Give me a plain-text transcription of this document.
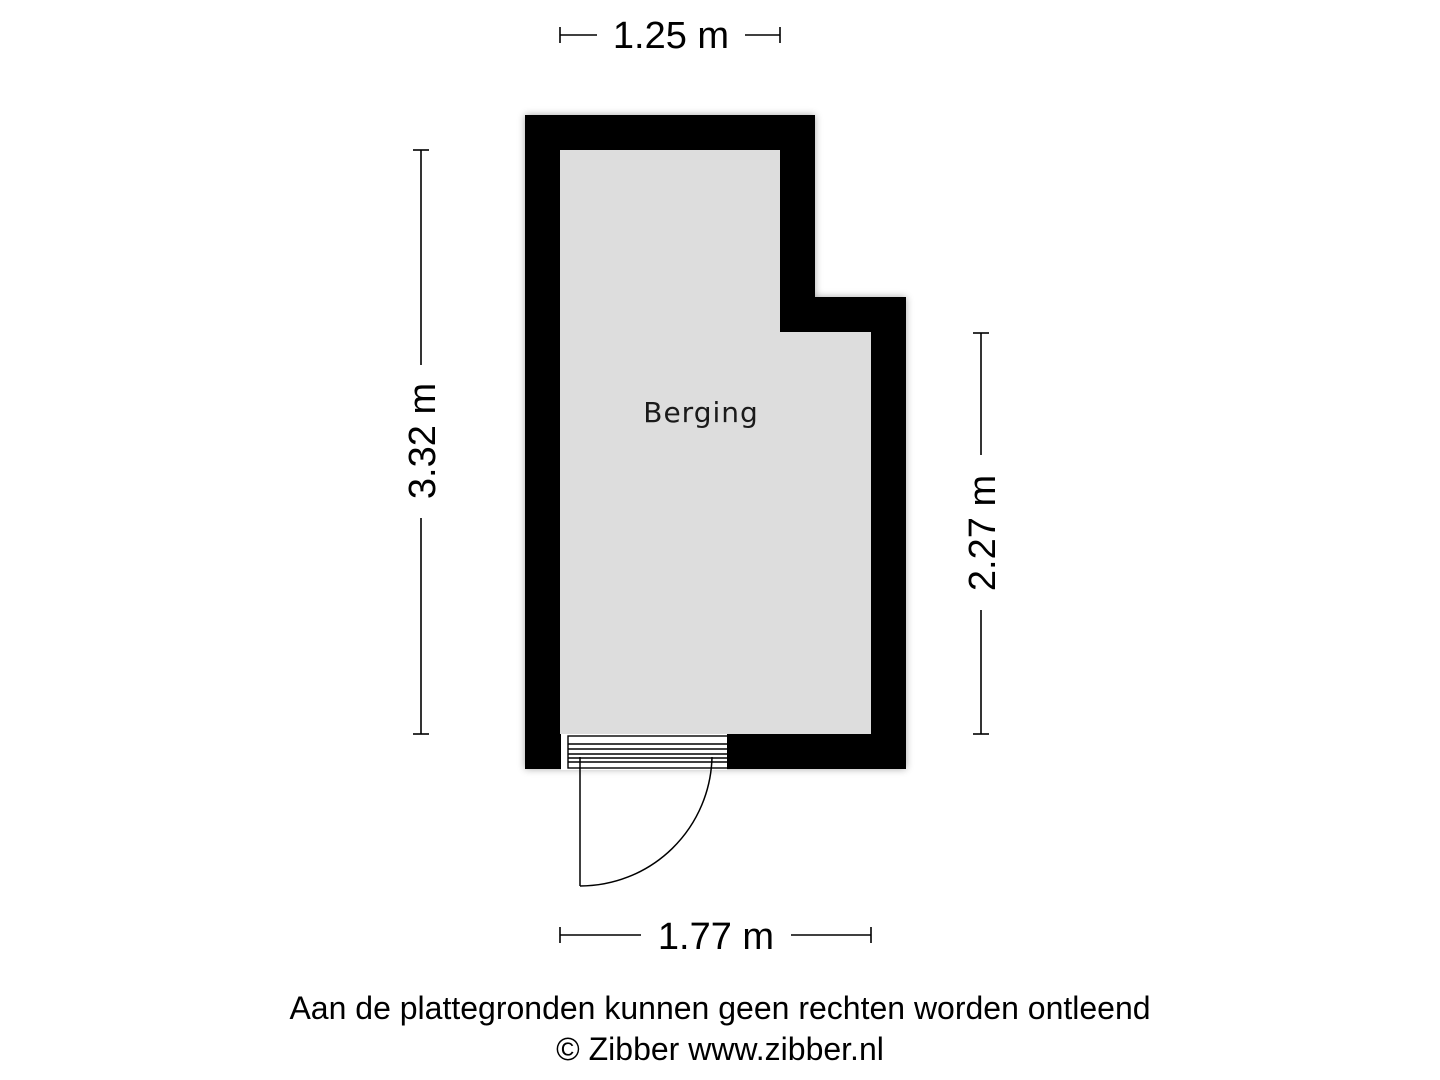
Berging
1.25 m
1.77 m
3.32 m
2.27 m
Aan de plattegronden kunnen geen rechten worden ontleend
© Zibber www.zibber.nl
